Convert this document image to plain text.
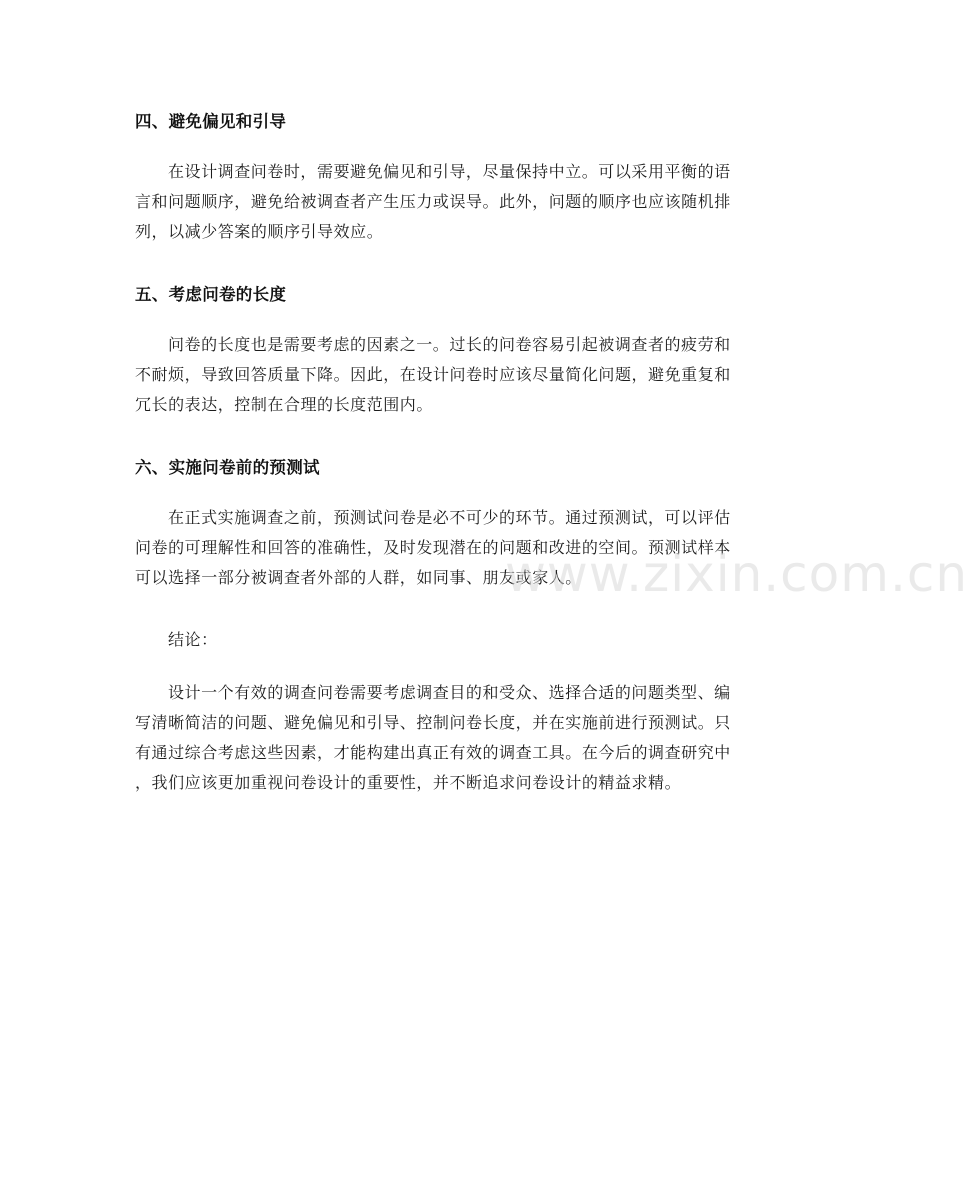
四、避免偏见和引导

在设计调查问卷时，需要避免偏见和引导，尽量保持中立。可以采用平衡的语
言和问题顺序，避免给被调查者产生压力或误导。此外，问题的顺序也应该随机排
列，以减少答案的顺序引导效应。

五、考虑问卷的长度

问卷的长度也是需要考虑的因素之一。过长的问卷容易引起被调查者的疲劳和
不耐烦，导致回答质量下降。因此，在设计问卷时应该尽量简化问题，避免重复和
冗长的表达，控制在合理的长度范围内。

六、实施问卷前的预测试

在正式实施调查之前，预测试问卷是必不可少的环节。通过预测试，可以评估
问卷的可理解性和回答的准确性，及时发现潜在的问题和改进的空间。预测试样本
可以选择一部分被调查者外部的人群，如同事、朋友或家人。

结论：

设计一个有效的调查问卷需要考虑调查目的和受众、选择合适的问题类型、编
写清晰简洁的问题、避免偏见和引导、控制问卷长度，并在实施前进行预测试。只
有通过综合考虑这些因素，才能构建出真正有效的调查工具。在今后的调查研究中
，我们应该更加重视问卷设计的重要性，并不断追求问卷设计的精益求精。

www.zixin.com.cn
